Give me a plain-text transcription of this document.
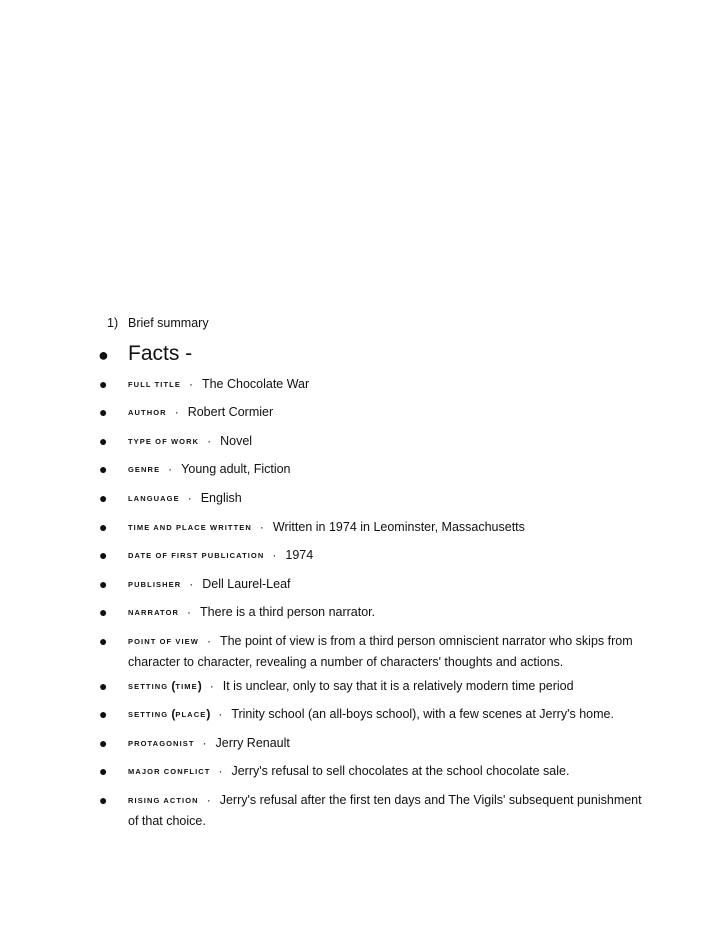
1) Brief summary
● Facts -
●	FULL TITLE · The Chocolate War
●	AUTHOR · Robert Cormier
●	TYPE OF WORK · Novel
●	GENRE · Young adult, Fiction
●	LANGUAGE · English
●	TIME AND PLACE WRITTEN · Written in 1974 in Leominster, Massachusetts
●	DATE OF FIRST PUBLICATION · 1974
●	PUBLISHER · Dell Laurel-Leaf
●	NARRATOR · There is a third person narrator.
●	POINT OF VIEW · The point of view is from a third person omniscient narrator who skips from character to character, revealing a number of characters' thoughts and actions.
●	SETTING (TIME) · It is unclear, only to say that it is a relatively modern time period
●	SETTING (PLACE) · Trinity school (an all-boys school), with a few scenes at Jerry's home.
●	PROTAGONIST · Jerry Renault
●	MAJOR CONFLICT · Jerry's refusal to sell chocolates at the school chocolate sale.
●	RISING ACTION · Jerry's refusal after the first ten days and The Vigils' subsequent punishment of that choice.
